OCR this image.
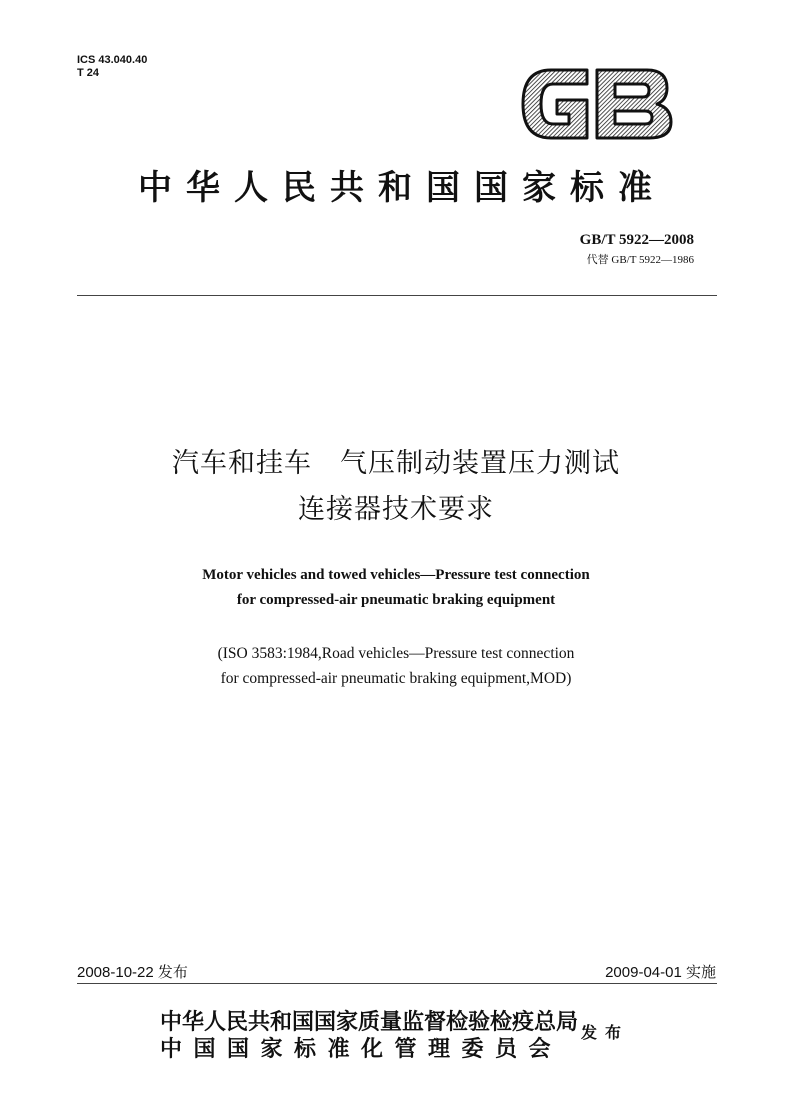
ICS 43.040.40
T 24
中华人民共和国国家标准
GB/T 5922—2008
代替 GB/T 5922—1986
汽车和挂车　气压制动装置压力测试
连接器技术要求
Motor vehicles and towed vehicles—Pressure test connection
for compressed-air pneumatic braking equipment
(ISO 3583:1984,Road vehicles—Pressure test connection
for compressed-air pneumatic braking equipment,MOD)
2008-10-22 发布	2009-04-01 实施
中华人民共和国国家质量监督检验检疫总局
中国国家标准化管理委员会
发布
